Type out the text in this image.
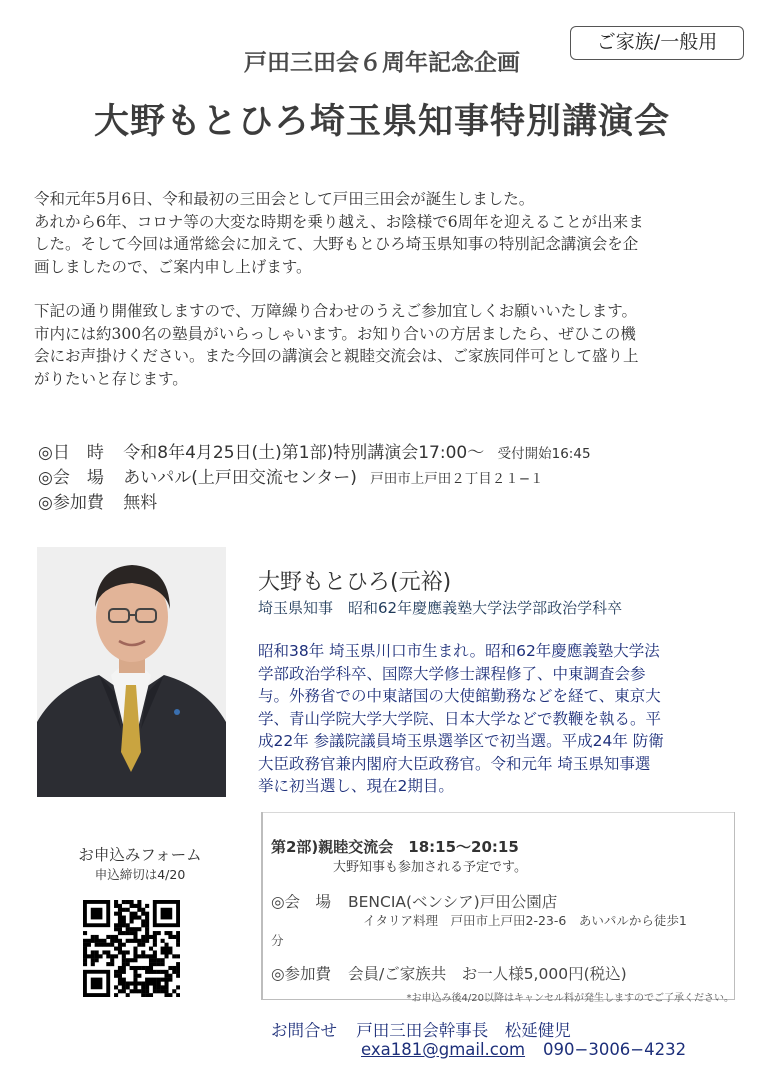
ご家族/一般用
戸田三田会６周年記念企画
大野もとひろ埼玉県知事特別講演会
令和元年5月6日、令和最初の三田会として戸田三田会が誕生しました。
あれから6年、コロナ等の大変な時期を乗り越え、お陰様で6周年を迎えることが出来ま
した。そして今回は通常総会に加えて、大野もとひろ埼玉県知事の特別記念講演会を企
画しましたので、ご案内申し上げます。
下記の通り開催致しますので、万障繰り合わせのうえご参加宜しくお願いいたします。
市内には約300名の塾員がいらっしゃいます。お知り合いの方居ましたら、ぜひこの機
会にお声掛けください。また今回の講演会と親睦交流会は、ご家族同伴可として盛り上
がりたいと存じます。
◎日　時 令和8年4月25日(土)第1部)特別講演会17:00〜 受付開始16:45
◎会　場 あいパル(上戸田交流センター) 戸田市上戸田２丁目２１−１
◎参加費 無料
大野もとひろ(元裕)
埼玉県知事　昭和62年慶應義塾大学法学部政治学科卒
昭和38年 埼玉県川口市生まれ。昭和62年慶應義塾大学法
学部政治学科卒、国際大学修士課程修了、中東調査会参
与。外務省での中東諸国の大使館勤務などを経て、東京大
学、青山学院大学大学院、日本大学などで教鞭を執る。平
成22年 参議院議員埼玉県選挙区で初当選。平成24年 防衛
大臣政務官兼内閣府大臣政務官。令和元年 埼玉県知事選
挙に初当選し、現在2期目。
お申込みフォーム
申込締切は4/20
第2部)親睦交流会　18:15〜20:15
大野知事も参加される予定です。
◎会　場 BENCIA(ベンシア)戸田公園店
イタリア料理　戸田市上戸田2-23-6　あいパルから徒歩1
分
◎参加費 会員/ご家族共　お一人様5,000円(税込)
*お申込み後4/20以降はキャンセル料が発生しますのでご了承ください。
お問合せ 戸田三田会幹事長　松延健児
exa181@gmail.com 090−3006−4232
